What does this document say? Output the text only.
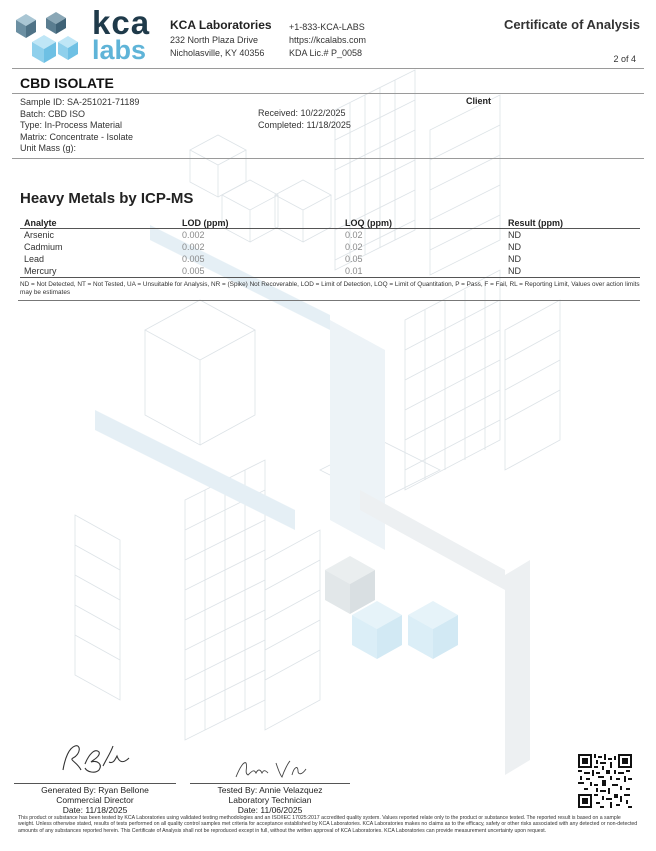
kca
labs
KCA Laboratories
232 North Plaza Drive
Nicholasville, KY 40356
+1-833-KCA-LABS
https://kcalabs.com
KDA Lic.# P_0058
Certificate of Analysis
2 of 4
CBD ISOLATE
Sample ID: SA-251021-71189
Batch: CBD ISO
Type: In-Process Material
Matrix: Concentrate - Isolate
Unit Mass (g):
Received: 10/22/2025
Completed: 11/18/2025
Client
Heavy Metals by ICP-MS
Analyte	LOD (ppm)	LOQ (ppm)	Result (ppm)
Arsenic	0.002	0.02	ND
Cadmium	0.002	0.02	ND
Lead	0.005	0.05	ND
Mercury	0.005	0.01	ND
ND = Not Detected, NT = Not Tested, UA = Unsuitable for Analysis, NR = (Spike) Not Recoverable, LOD = Limit of Detection, LOQ = Limit of Quantitation, P = Pass, F = Fail, RL = Reporting Limit, Values over action limits may be estimates
Generated By: Ryan Bellone
Commercial Director
Date: 11/18/2025
Tested By: Annie Velazquez
Laboratory Technician
Date: 11/06/2025
This product or substance has been tested by KCA Laboratories using validated testing methodologies and an ISO/IEC 17025:2017 accredited quality system. Values reported relate only to the product or substance tested. The reported result is based on a sample weight. Unless otherwise stated, results of tests performed on all quality control samples met criteria for acceptance established by KCA Laboratories. KCA Laboratories makes no claims as to the efficacy, safety or other risks associated with any detected or non-detected amounts of any substances reported herein. This Certificate of Analysis shall not be reproduced except in full, without the written approval of KCA Laboratories. KCA Laboratories can provide measurement uncertainty upon request.
